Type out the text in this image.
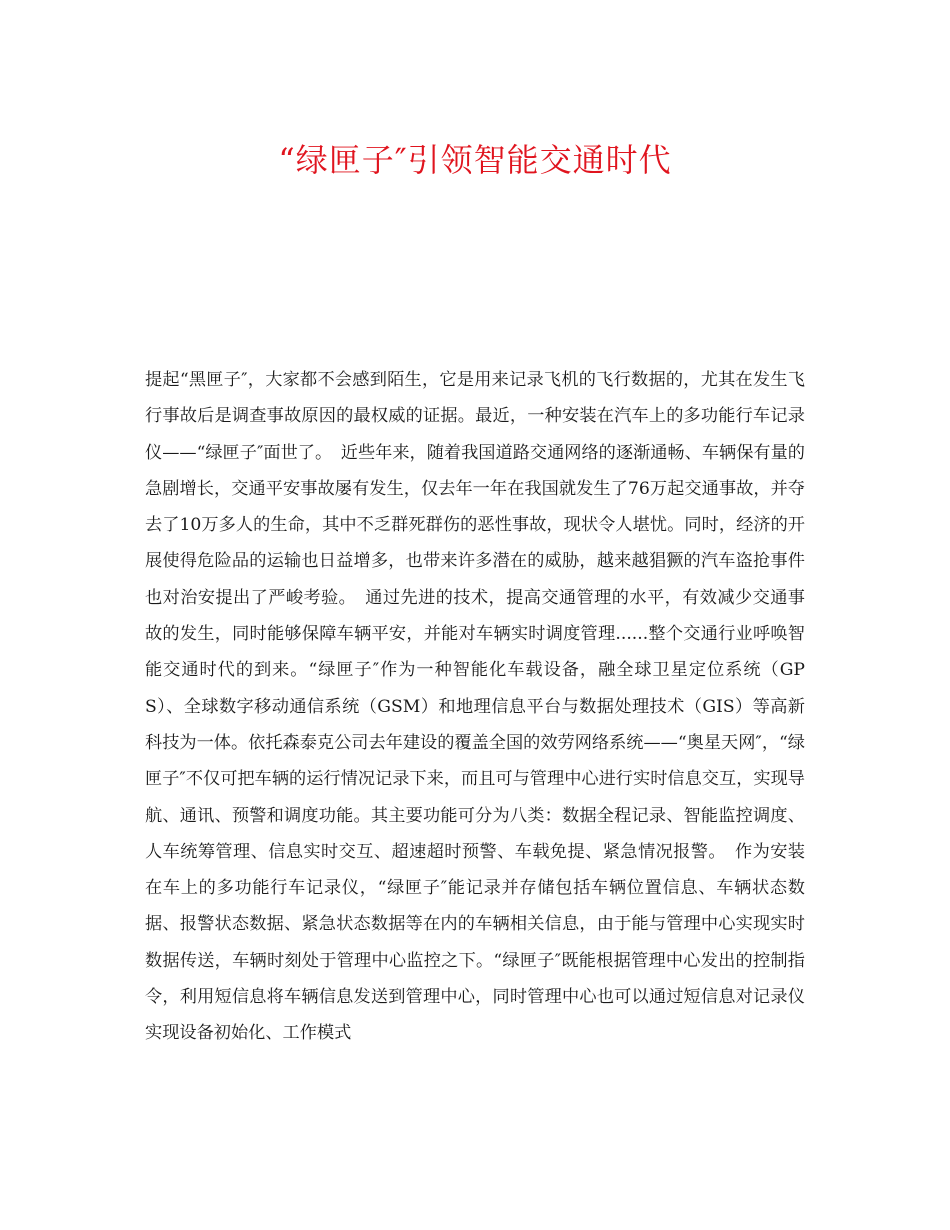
“绿匣子″引领智能交通时代

提起“黑匣子″，大家都不会感到陌生，它是用来记录飞机的飞行数据的，尤其在发生飞行事故后是调查事故原因的最权威的证据。最近，一种安装在汽车上的多功能行车记录仪——“绿匣子″面世了。　近些年来，随着我国道路交通网络的逐渐通畅、车辆保有量的急剧增长，交通平安事故屡有发生，仅去年一年在我国就发生了76万起交通事故，并夺去了10万多人的生命，其中不乏群死群伤的恶性事故，现状令人堪忧。同时，经济的开展使得危险品的运输也日益增多，也带来许多潜在的威胁，越来越猖獗的汽车盗抢事件也对治安提出了严峻考验。　通过先进的技术，提高交通管理的水平，有效减少交通事故的发生，同时能够保障车辆平安，并能对车辆实时调度管理......整个交通行业呼唤智能交通时代的到来。“绿匣子″作为一种智能化车载设备，融全球卫星定位系统（GPS）、全球数字移动通信系统（GSM）和地理信息平台与数据处理技术（GIS）等高新科技为一体。依托森泰克公司去年建设的覆盖全国的效劳网络系统——“奥星天网″，“绿匣子″不仅可把车辆的运行情况记录下来，而且可与管理中心进行实时信息交互，实现导航、通讯、预警和调度功能。其主要功能可分为八类：数据全程记录、智能监控调度、人车统筹管理、信息实时交互、超速超时预警、车载免提、紧急情况报警。　作为安装在车上的多功能行车记录仪，“绿匣子″能记录并存储包括车辆位置信息、车辆状态数据、报警状态数据、紧急状态数据等在内的车辆相关信息，由于能与管理中心实现实时数据传送，车辆时刻处于管理中心监控之下。“绿匣子″既能根据管理中心发出的控制指令，利用短信息将车辆信息发送到管理中心，同时管理中心也可以通过短信息对记录仪实现设备初始化、工作模式
